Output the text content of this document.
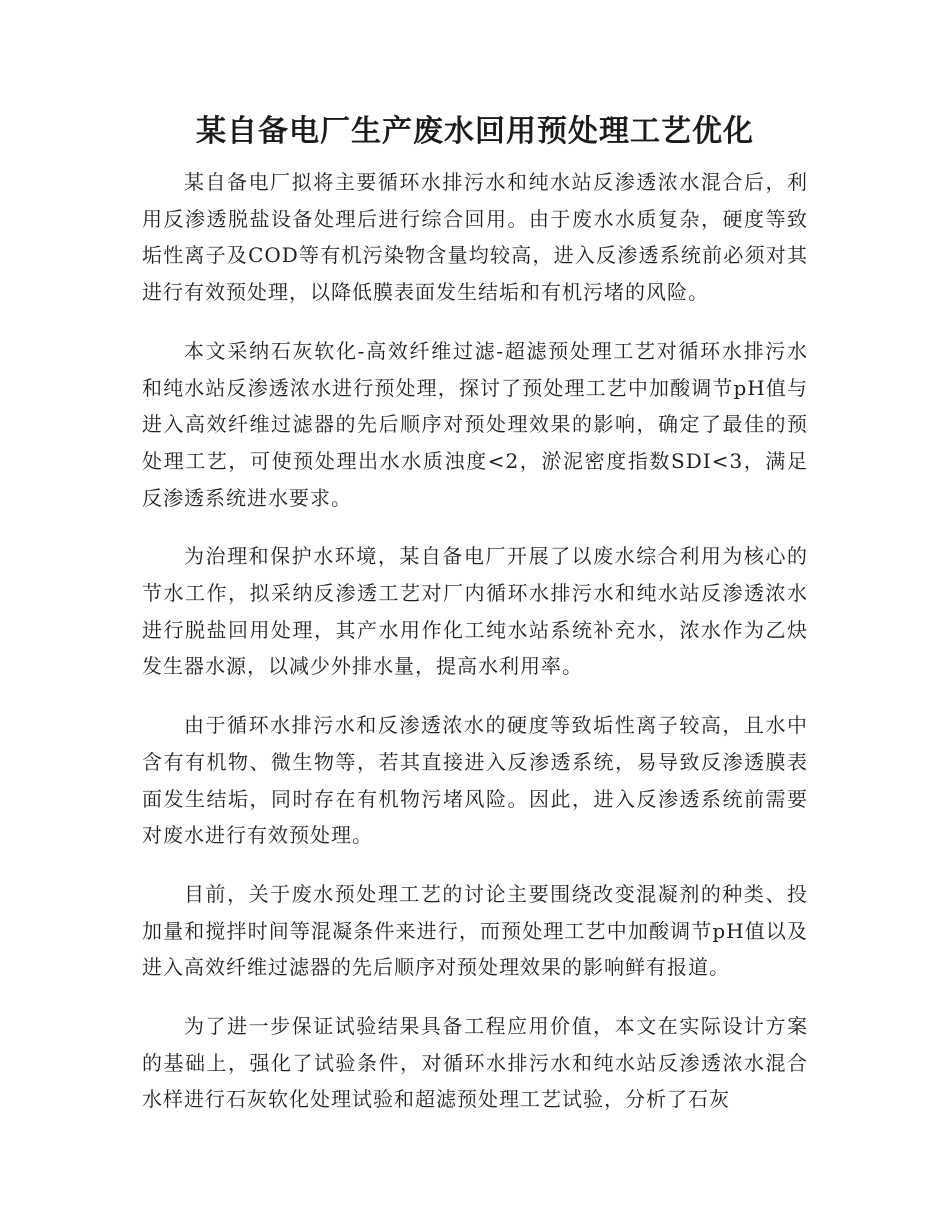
某自备电厂生产废水回用预处理工艺优化

某自备电厂拟将主要循环水排污水和纯水站反渗透浓水混合后，利用反渗透脱盐设备处理后进行综合回用。由于废水水质复杂，硬度等致垢性离子及COD等有机污染物含量均较高，进入反渗透系统前必须对其进行有效预处理，以降低膜表面发生结垢和有机污堵的风险。

本文采纳石灰软化-高效纤维过滤-超滤预处理工艺对循环水排污水和纯水站反渗透浓水进行预处理，探讨了预处理工艺中加酸调节pH值与进入高效纤维过滤器的先后顺序对预处理效果的影响，确定了最佳的预处理工艺，可使预处理出水水质浊度<2，淤泥密度指数SDI<3，满足反渗透系统进水要求。

为治理和保护水环境，某自备电厂开展了以废水综合利用为核心的节水工作，拟采纳反渗透工艺对厂内循环水排污水和纯水站反渗透浓水进行脱盐回用处理，其产水用作化工纯水站系统补充水，浓水作为乙炔发生器水源，以减少外排水量，提高水利用率。

由于循环水排污水和反渗透浓水的硬度等致垢性离子较高，且水中含有有机物、微生物等，若其直接进入反渗透系统，易导致反渗透膜表面发生结垢，同时存在有机物污堵风险。因此，进入反渗透系统前需要对废水进行有效预处理。

目前，关于废水预处理工艺的讨论主要围绕改变混凝剂的种类、投加量和搅拌时间等混凝条件来进行，而预处理工艺中加酸调节pH值以及进入高效纤维过滤器的先后顺序对预处理效果的影响鲜有报道。

为了进一步保证试验结果具备工程应用价值，本文在实际设计方案的基础上，强化了试验条件，对循环水排污水和纯水站反渗透浓水混合水样进行石灰软化处理试验和超滤预处理工艺试验，分析了石灰
